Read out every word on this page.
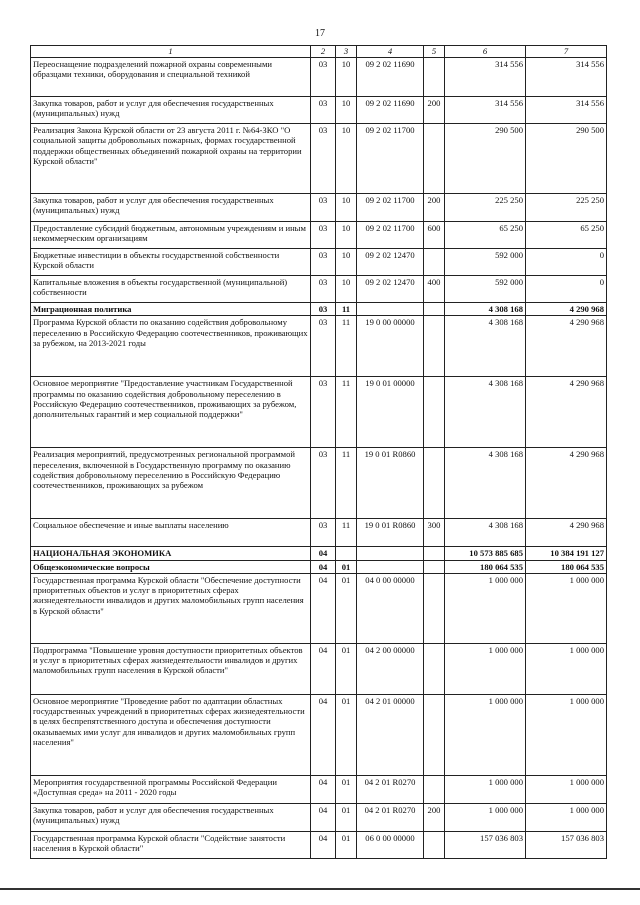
17
1	2	3	4	5	6	7
Переоснащение подразделений пожарной охраны современными образцами техники, оборудования и специальной техникой	03	10	09 2 02 11690		314 556	314 556
Закупка товаров, работ и услуг для обеспечения государственных (муниципальных) нужд	03	10	09 2 02 11690	200	314 556	314 556
Реализация Закона Курской области от 23 августа 2011 г. №64-ЗКО "О социальной защиты добровольных пожарных, формах государственной поддержки общественных объединений пожарной охраны на территории Курской области"	03	10	09 2 02 11700		290 500	290 500
Закупка товаров, работ и услуг для обеспечения государственных (муниципальных) нужд	03	10	09 2 02 11700	200	225 250	225 250
Предоставление субсидий бюджетным, автономным учреждениям и иным некоммерческим организациям	03	10	09 2 02 11700	600	65 250	65 250
Бюджетные инвестиции в объекты государственной собственности Курской области	03	10	09 2 02 12470		592 000	0
Капитальные вложения в объекты государственной (муниципальной) собственности	03	10	09 2 02 12470	400	592 000	0
Миграционная политика	03	11			4 308 168	4 290 968
Программа Курской области по оказанию содействия добровольному переселению в Российскую Федерацию соотечественников, проживающих за рубежом, на 2013-2021 годы	03	11	19 0 00 00000		4 308 168	4 290 968
Основное мероприятие "Предоставление участникам Государственной программы по оказанию содействия добровольному переселению в Российскую Федерацию соотечественников, проживающих за рубежом, дополнительных гарантий и мер социальной поддержки"	03	11	19 0 01 00000		4 308 168	4 290 968
Реализация мероприятий, предусмотренных региональной программой переселения, включенной в Государственную программу по оказанию содействия добровольному переселению в Российскую Федерацию соотечественников, проживающих за рубежом	03	11	19 0 01 R0860		4 308 168	4 290 968
Социальное обеспечение и иные выплаты населению	03	11	19 0 01 R0860	300	4 308 168	4 290 968
НАЦИОНАЛЬНАЯ ЭКОНОМИКА	04				10 573 885 685	10 384 191 127
Общеэкономические вопросы	04	01			180 064 535	180 064 535
Государственная программа Курской области "Обеспечение доступности приоритетных объектов и услуг в приоритетных сферах жизнедеятельности инвалидов и других маломобильных групп населения в Курской области"	04	01	04 0 00 00000		1 000 000	1 000 000
Подпрограмма "Повышение уровня доступности приоритетных объектов и услуг в приоритетных сферах жизнедеятельности инвалидов и других маломобильных групп населения в Курской области"	04	01	04 2 00 00000		1 000 000	1 000 000
Основное мероприятие "Проведение работ по адаптации областных государственных учреждений в приоритетных сферах жизнедеятельности в целях беспрепятственного доступа и обеспечения доступности оказываемых ими услуг для инвалидов и других маломобильных групп населения"	04	01	04 2 01 00000		1 000 000	1 000 000
Мероприятия государственной программы Российской Федерации «Доступная среда» на 2011 - 2020 годы	04	01	04 2 01 R0270		1 000 000	1 000 000
Закупка товаров, работ и услуг для обеспечения государственных (муниципальных) нужд	04	01	04 2 01 R0270	200	1 000 000	1 000 000
Государственная программа Курской области "Содействие занятости населения в Курской области"	04	01	06 0 00 00000		157 036 803	157 036 803
